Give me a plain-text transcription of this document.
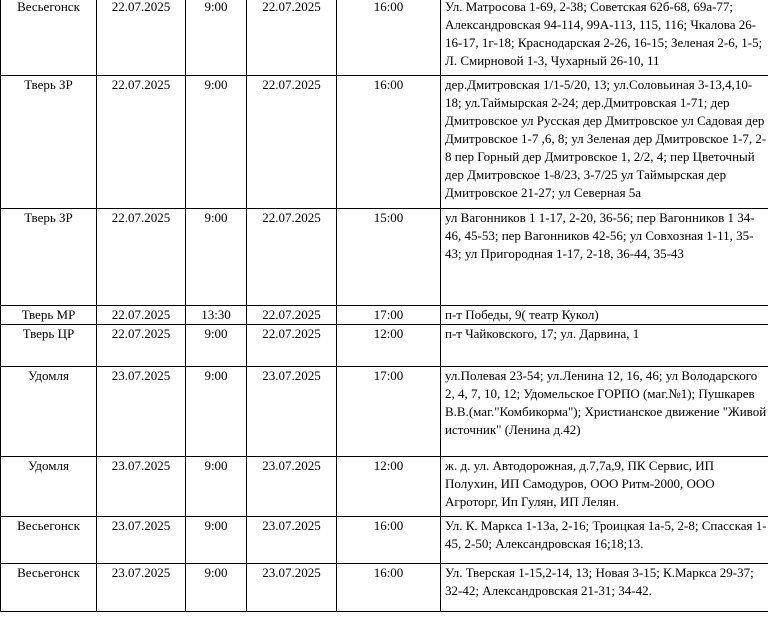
Весьегонск	22.07.2025	9:00	22.07.2025	16:00	Ул. Матросова 1-69, 2-38; Советская 62б-68, 69а-77; Александровская 94-114, 99А-113, 115, 116; Чкалова 26-16-17, 1г-18; Краснодарская 2-26, 16-15; Зеленая 2-6, 1-5; Л. Смирновой 1-3, Чухарный 26-10, 11
Тверь ЗР	22.07.2025	9:00	22.07.2025	16:00	дер.Дмитровская 1/1-5/20, 13; ул.Соловьиная 3-13,4,10-18; ул.Таймырская 2-24; дер.Дмитровская 1-71; дер Дмитровское ул Русская дер Дмитровское ул Садовая дер Дмитровское 1-7 ,6, 8; ул Зеленая дер Дмитровское 1-7, 2-8 пер Горный дер Дмитровское 1, 2/2, 4; пер Цветочный дер Дмитровское 1-8/23, 3-7/25 ул Таймырская дер Дмитровское 21-27; ул Северная 5а
Тверь ЗР	22.07.2025	9:00	22.07.2025	15:00	ул Вагонников 1 1-17, 2-20, 36-56; пер Вагонников 1 34-46, 45-53; пер Вагонников 42-56; ул Совхозная 1-11, 35-43; ул Пригородная 1-17, 2-18, 36-44, 35-43
Тверь МР	22.07.2025	13:30	22.07.2025	17:00	п-т Победы, 9( театр Кукол)
Тверь ЦР	22.07.2025	9:00	22.07.2025	12:00	п-т Чайковского, 17; ул. Дарвина, 1
Удомля	23.07.2025	9:00	23.07.2025	17:00	ул.Полевая 23-54; ул.Ленина 12, 16, 46; ул Володарского 2, 4, 7, 10, 12; Удомельское ГОРПО (маг.№1); Пушкарев В.В.(маг."Комбикорма"); Христианское движение "Живой источник" (Ленина д.42)
Удомля	23.07.2025	9:00	23.07.2025	12:00	ж. д. ул. Автодорожная, д.7,7а,9, ПК Сервис, ИП Полухин, ИП Самодуров, ООО Ритм-2000, ООО Агроторг, Ип Гулян, ИП Лелян.
Весьегонск	23.07.2025	9:00	23.07.2025	16:00	Ул. К. Маркса 1-13а, 2-16; Троицкая 1а-5, 2-8; Спасская 1-45, 2-50; Александровская 16;18;13.
Весьегонск	23.07.2025	9:00	23.07.2025	16:00	Ул. Тверская 1-15,2-14, 13; Новая 3-15; К.Маркса 29-37; 32-42; Александровская 21-31; 34-42.
